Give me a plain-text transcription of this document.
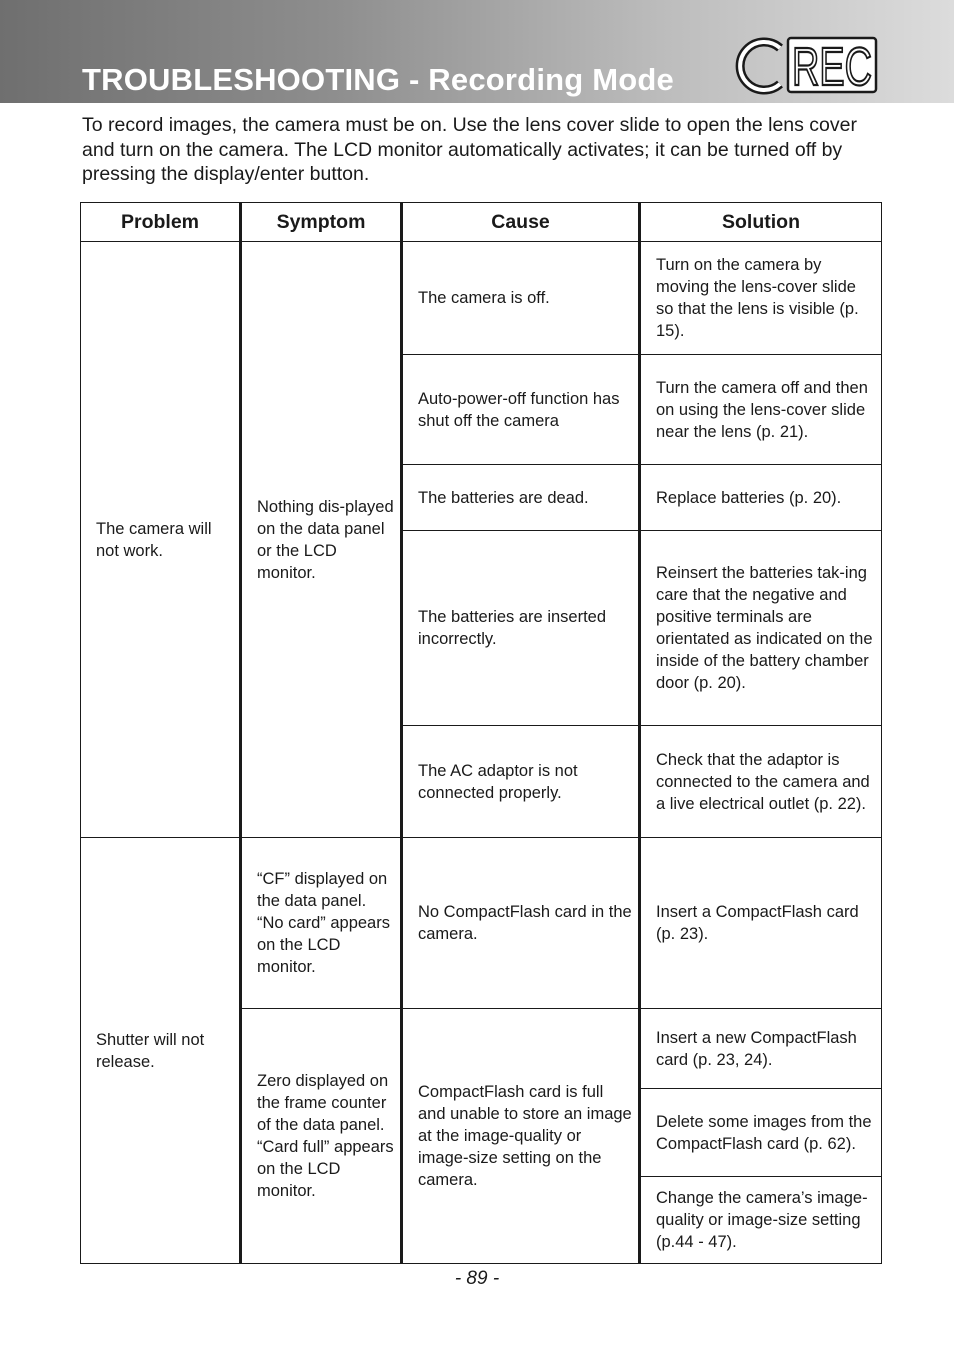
TROUBLESHOOTING - Recording Mode REC

To record images, the camera must be on. Use the lens cover slide to open the lens cover and turn on the camera. The LCD monitor automatically activates; it can be turned off by pressing the display/enter button.

Problem	Symptom	Cause	Solution
The camera will not work.	Nothing dis-played on the data panel or the LCD monitor.	The camera is off.	Turn on the camera by moving the lens-cover slide so that the lens is visible (p. 15).
		Auto-power-off function has shut off the camera	Turn the camera off and then on using the lens-cover slide near the lens (p. 21).
		The batteries are dead.	Replace batteries (p. 20).
		The batteries are inserted incorrectly.	Reinsert the batteries tak-ing care that the negative and positive terminals are orientated as indicated on the inside of the battery chamber door (p. 20).
		The AC adaptor is not connected properly.	Check that the adaptor is connected to the camera and a live electrical outlet (p. 22).
Shutter will not release.	“CF” displayed on the data panel. “No card” appears on the LCD monitor.	No CompactFlash card in the camera.	Insert a CompactFlash card (p. 23).
	Zero displayed on the frame counter of the data panel. “Card full” appears on the LCD monitor.	CompactFlash card is full and unable to store an image at the image-quality or image-size setting on the camera.	Insert a new CompactFlash card (p. 23, 24).
			Delete some images from the CompactFlash card (p. 62).
			Change the camera’s image-quality or image-size setting (p.44 - 47).
- 89 -
